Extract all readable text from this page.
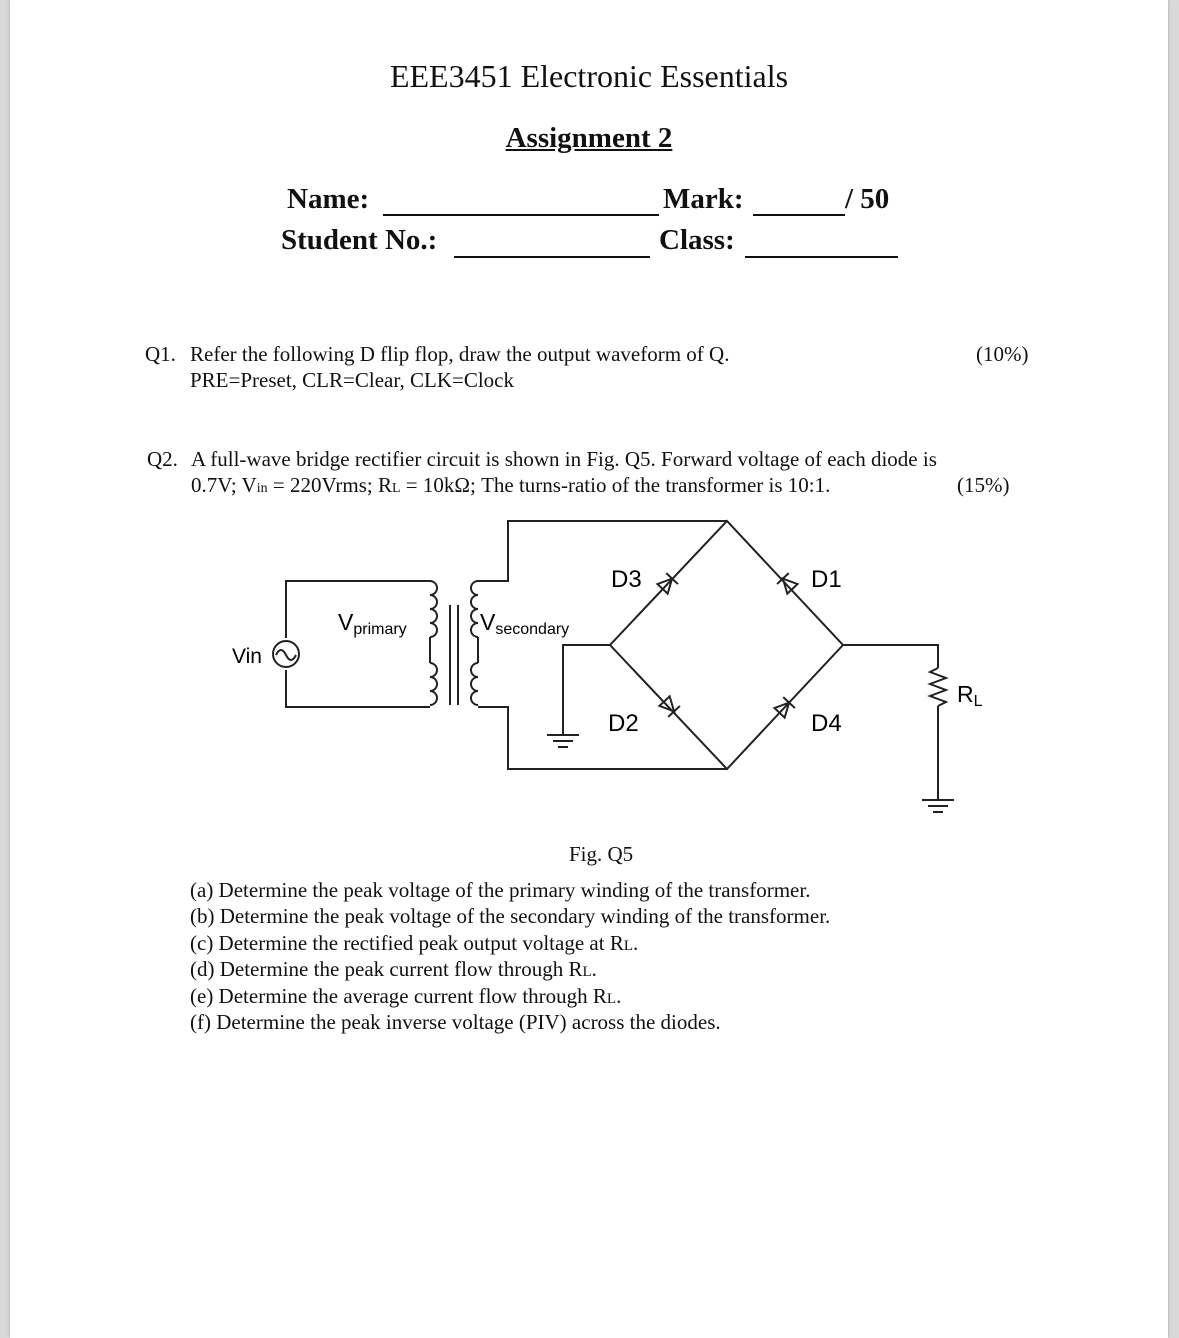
EEE3451 Electronic Essentials
Assignment 2
Name:	Mark:	/ 50
Student No.:	Class:
Q1. Refer the following D flip flop, draw the output waveform of Q.	(10%)
PRE=Preset, CLR=Clear, CLK=Clock
Q2. A full-wave bridge rectifier circuit is shown in Fig. Q5. Forward voltage of each diode is
0.7V; Vin = 220Vrms; RL = 10kΩ; The turns-ratio of the transformer is 10:1.	(15%)
Vin
Vprimary	Vsecondary
D3	D1
D2	D4
RL
Fig. Q5
(a) Determine the peak voltage of the primary winding of the transformer.
(b) Determine the peak voltage of the secondary winding of the transformer.
(c) Determine the rectified peak output voltage at RL.
(d) Determine the peak current flow through RL.
(e) Determine the average current flow through RL.
(f) Determine the peak inverse voltage (PIV) across the diodes.
